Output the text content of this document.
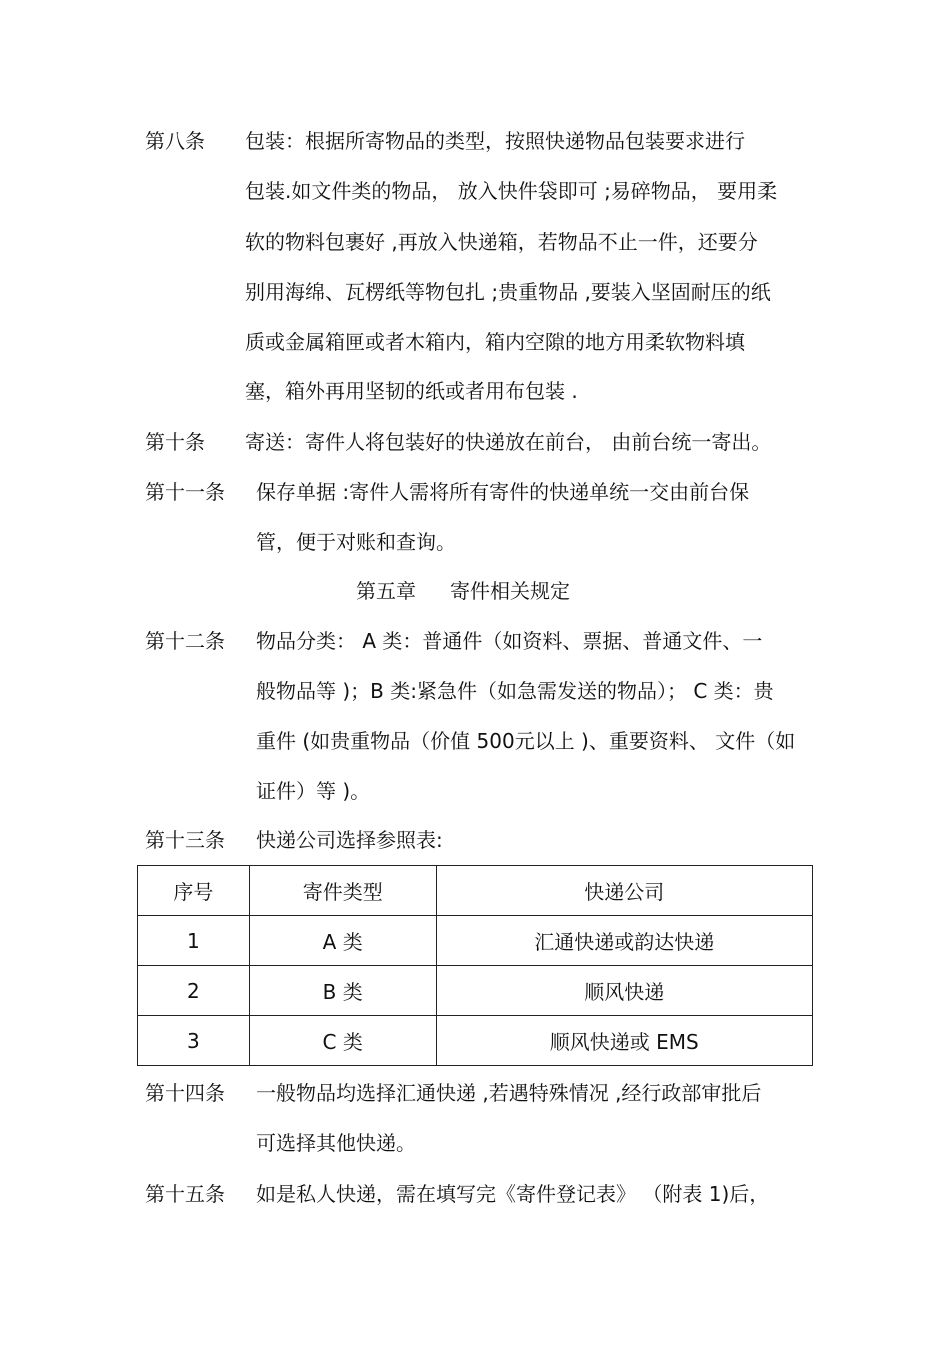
第八条 包装：根据所寄物品的类型，按照快递物品包装要求进行
包装.如文件类的物品， 放入快件袋即可 ;易碎物品， 要用柔
软的物料包裹好 ,再放入快递箱，若物品不止一件，还要分
别用海绵、瓦楞纸等物包扎 ;贵重物品 ,要装入坚固耐压的纸
质或金属箱匣或者木箱内，箱内空隙的地方用柔软物料填
塞，箱外再用坚韧的纸或者用布包装 .
第十条 寄送：寄件人将包装好的快递放在前台， 由前台统一寄出。
第十一条 保存单据 :寄件人需将所有寄件的快递单统一交由前台保
管，便于对账和查询。
第五章 寄件相关规定
第十二条 物品分类： A 类：普通件（如资料、票据、普通文件、一
般物品等 )；B 类:紧急件（如急需发送的物品）； C 类：贵
重件 (如贵重物品（价值 500元以上 )、重要资料、 文件（如
证件）等 )。
第十三条 快递公司选择参照表:
序号	寄件类型	快递公司
1	A 类	汇通快递或韵达快递
2	B 类	顺风快递
3	C 类	顺风快递或 EMS
第十四条 一般物品均选择汇通快递 ,若遇特殊情况 ,经行政部审批后
可选择其他快递。
第十五条 如是私人快递，需在填写完《寄件登记表》 （附表 1)后，
